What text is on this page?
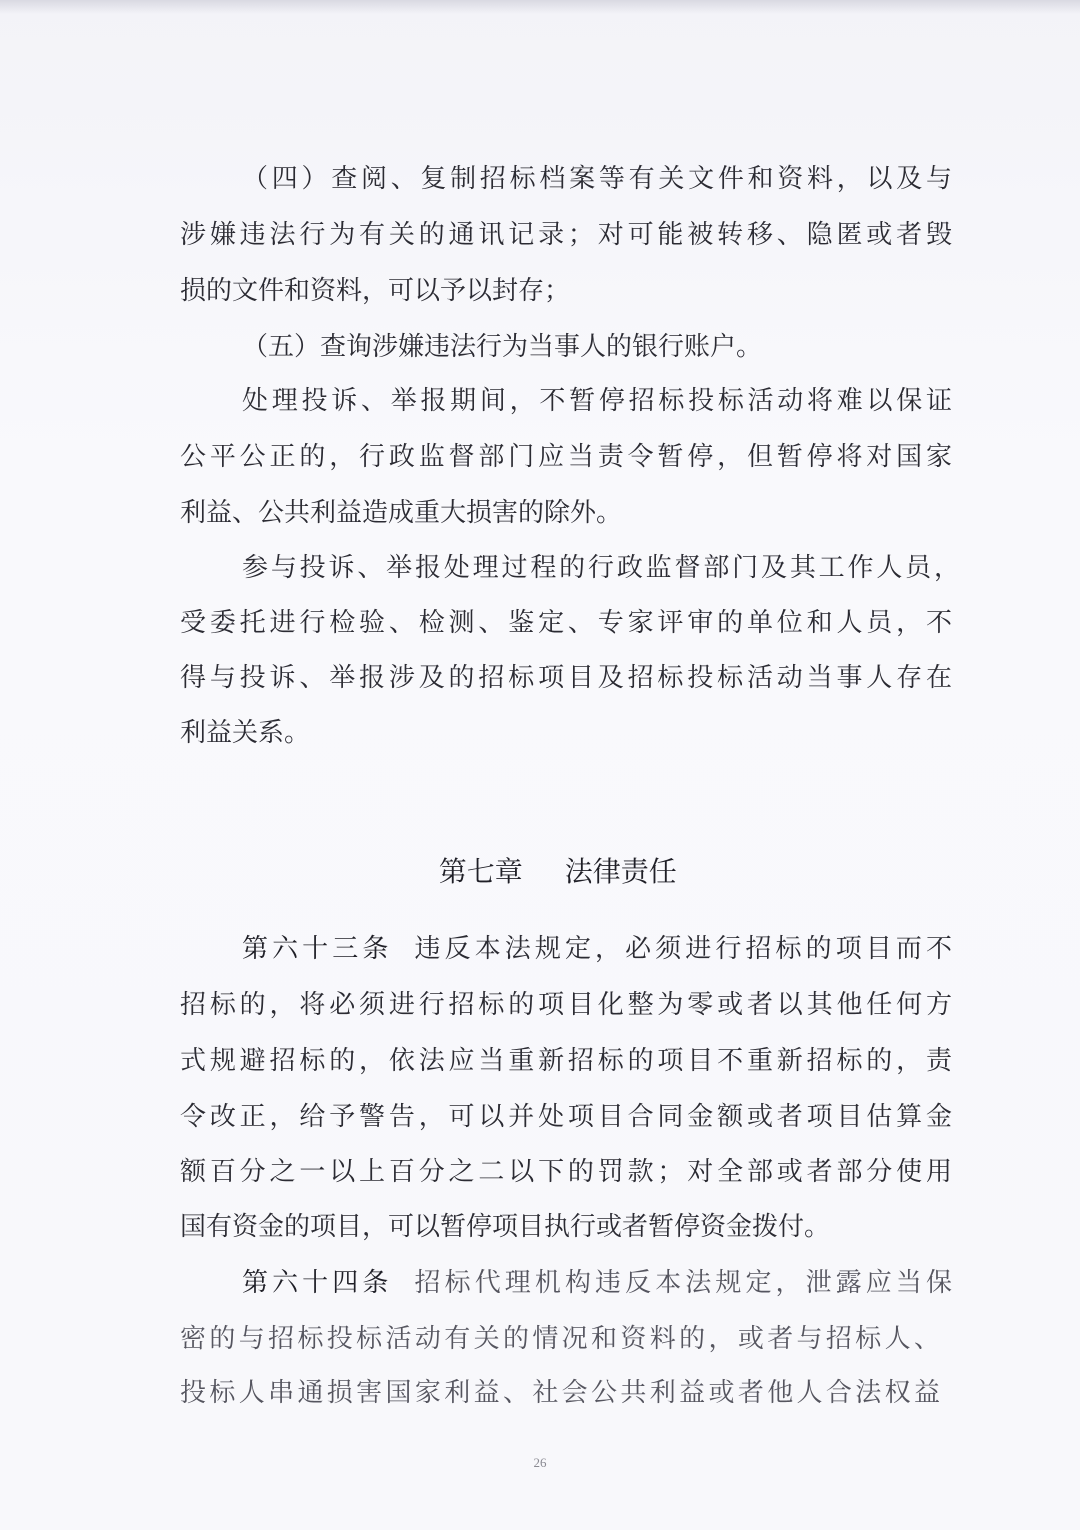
（四）查阅、复制招标档案等有关文件和资料，以及与
涉嫌违法行为有关的通讯记录；对可能被转移、隐匿或者毁
损的文件和资料，可以予以封存；
（五）查询涉嫌违法行为当事人的银行账户。
处理投诉、举报期间，不暂停招标投标活动将难以保证
公平公正的，行政监督部门应当责令暂停，但暂停将对国家
利益、公共利益造成重大损害的除外。
参与投诉、举报处理过程的行政监督部门及其工作人员，
受委托进行检验、检测、鉴定、专家评审的单位和人员，不
得与投诉、举报涉及的招标项目及招标投标活动当事人存在
利益关系。

第七章 法律责任

第六十三条 违反本法规定，必须进行招标的项目而不
招标的，将必须进行招标的项目化整为零或者以其他任何方
式规避招标的，依法应当重新招标的项目不重新招标的，责
令改正，给予警告，可以并处项目合同金额或者项目估算金
额百分之一以上百分之二以下的罚款；对全部或者部分使用
国有资金的项目，可以暂停项目执行或者暂停资金拨付。
第六十四条 招标代理机构违反本法规定，泄露应当保
密的与招标投标活动有关的情况和资料的，或者与招标人、
投标人串通损害国家利益、社会公共利益或者他人合法权益
26
